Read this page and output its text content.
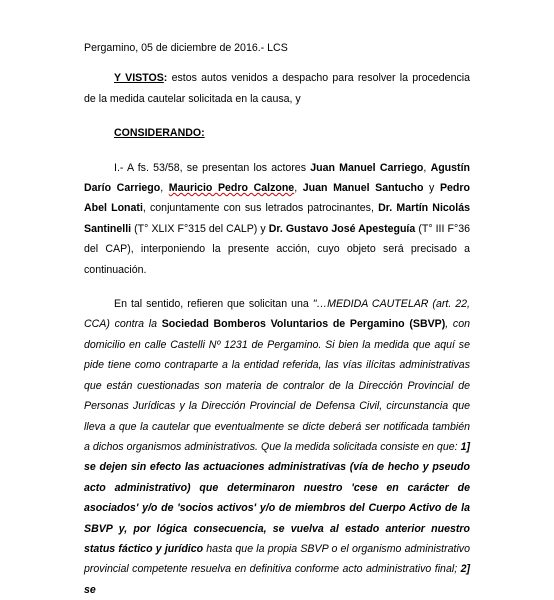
Pergamino, 05 de diciembre de 2016.- LCS

Y VISTOS: estos autos venidos a despacho para resolver la procedencia de la medida cautelar solicitada en la causa, y

CONSIDERANDO:

I.- A fs. 53/58, se presentan los actores Juan Manuel Carriego, Agustín Darío Carriego, Mauricio Pedro Calzone, Juan Manuel Santucho y Pedro Abel Lonati, conjuntamente con sus letrados patrocinantes, Dr. Martín Nicolás Santinelli (T° XLIX F°315 del CALP) y Dr. Gustavo José Apesteguía (T° III F°36 del CAP), interponiendo la presente acción, cuyo objeto será precisado a continuación.

En tal sentido, refieren que solicitan una "…MEDIDA CAUTELAR (art. 22, CCA) contra la Sociedad Bomberos Voluntarios de Pergamino (SBVP), con domicilio en calle Castelli Nº 1231 de Pergamino. Si bien la medida que aquí se pide tiene como contraparte a la entidad referida, las vías ilícitas administrativas que están cuestionadas son materia de contralor de la Dirección Provincial de Personas Jurídicas y la Dirección Provincial de Defensa Civil, circunstancia que lleva a que la cautelar que eventualmente se dicte deberá ser notificada también a dichos organismos administrativos. Que la medida solicitada consiste en que: 1] se dejen sin efecto las actuaciones administrativas (vía de hecho y pseudo acto administrativo) que determinaron nuestro 'cese en carácter de asociados' y/o de 'socios activos' y/o de miembros del Cuerpo Activo de la SBVP y, por lógica consecuencia, se vuelva al estado anterior nuestro status fáctico y jurídico hasta que la propia SBVP o el organismo administrativo provincial competente resuelva en definitiva conforme acto administrativo final; 2] se
